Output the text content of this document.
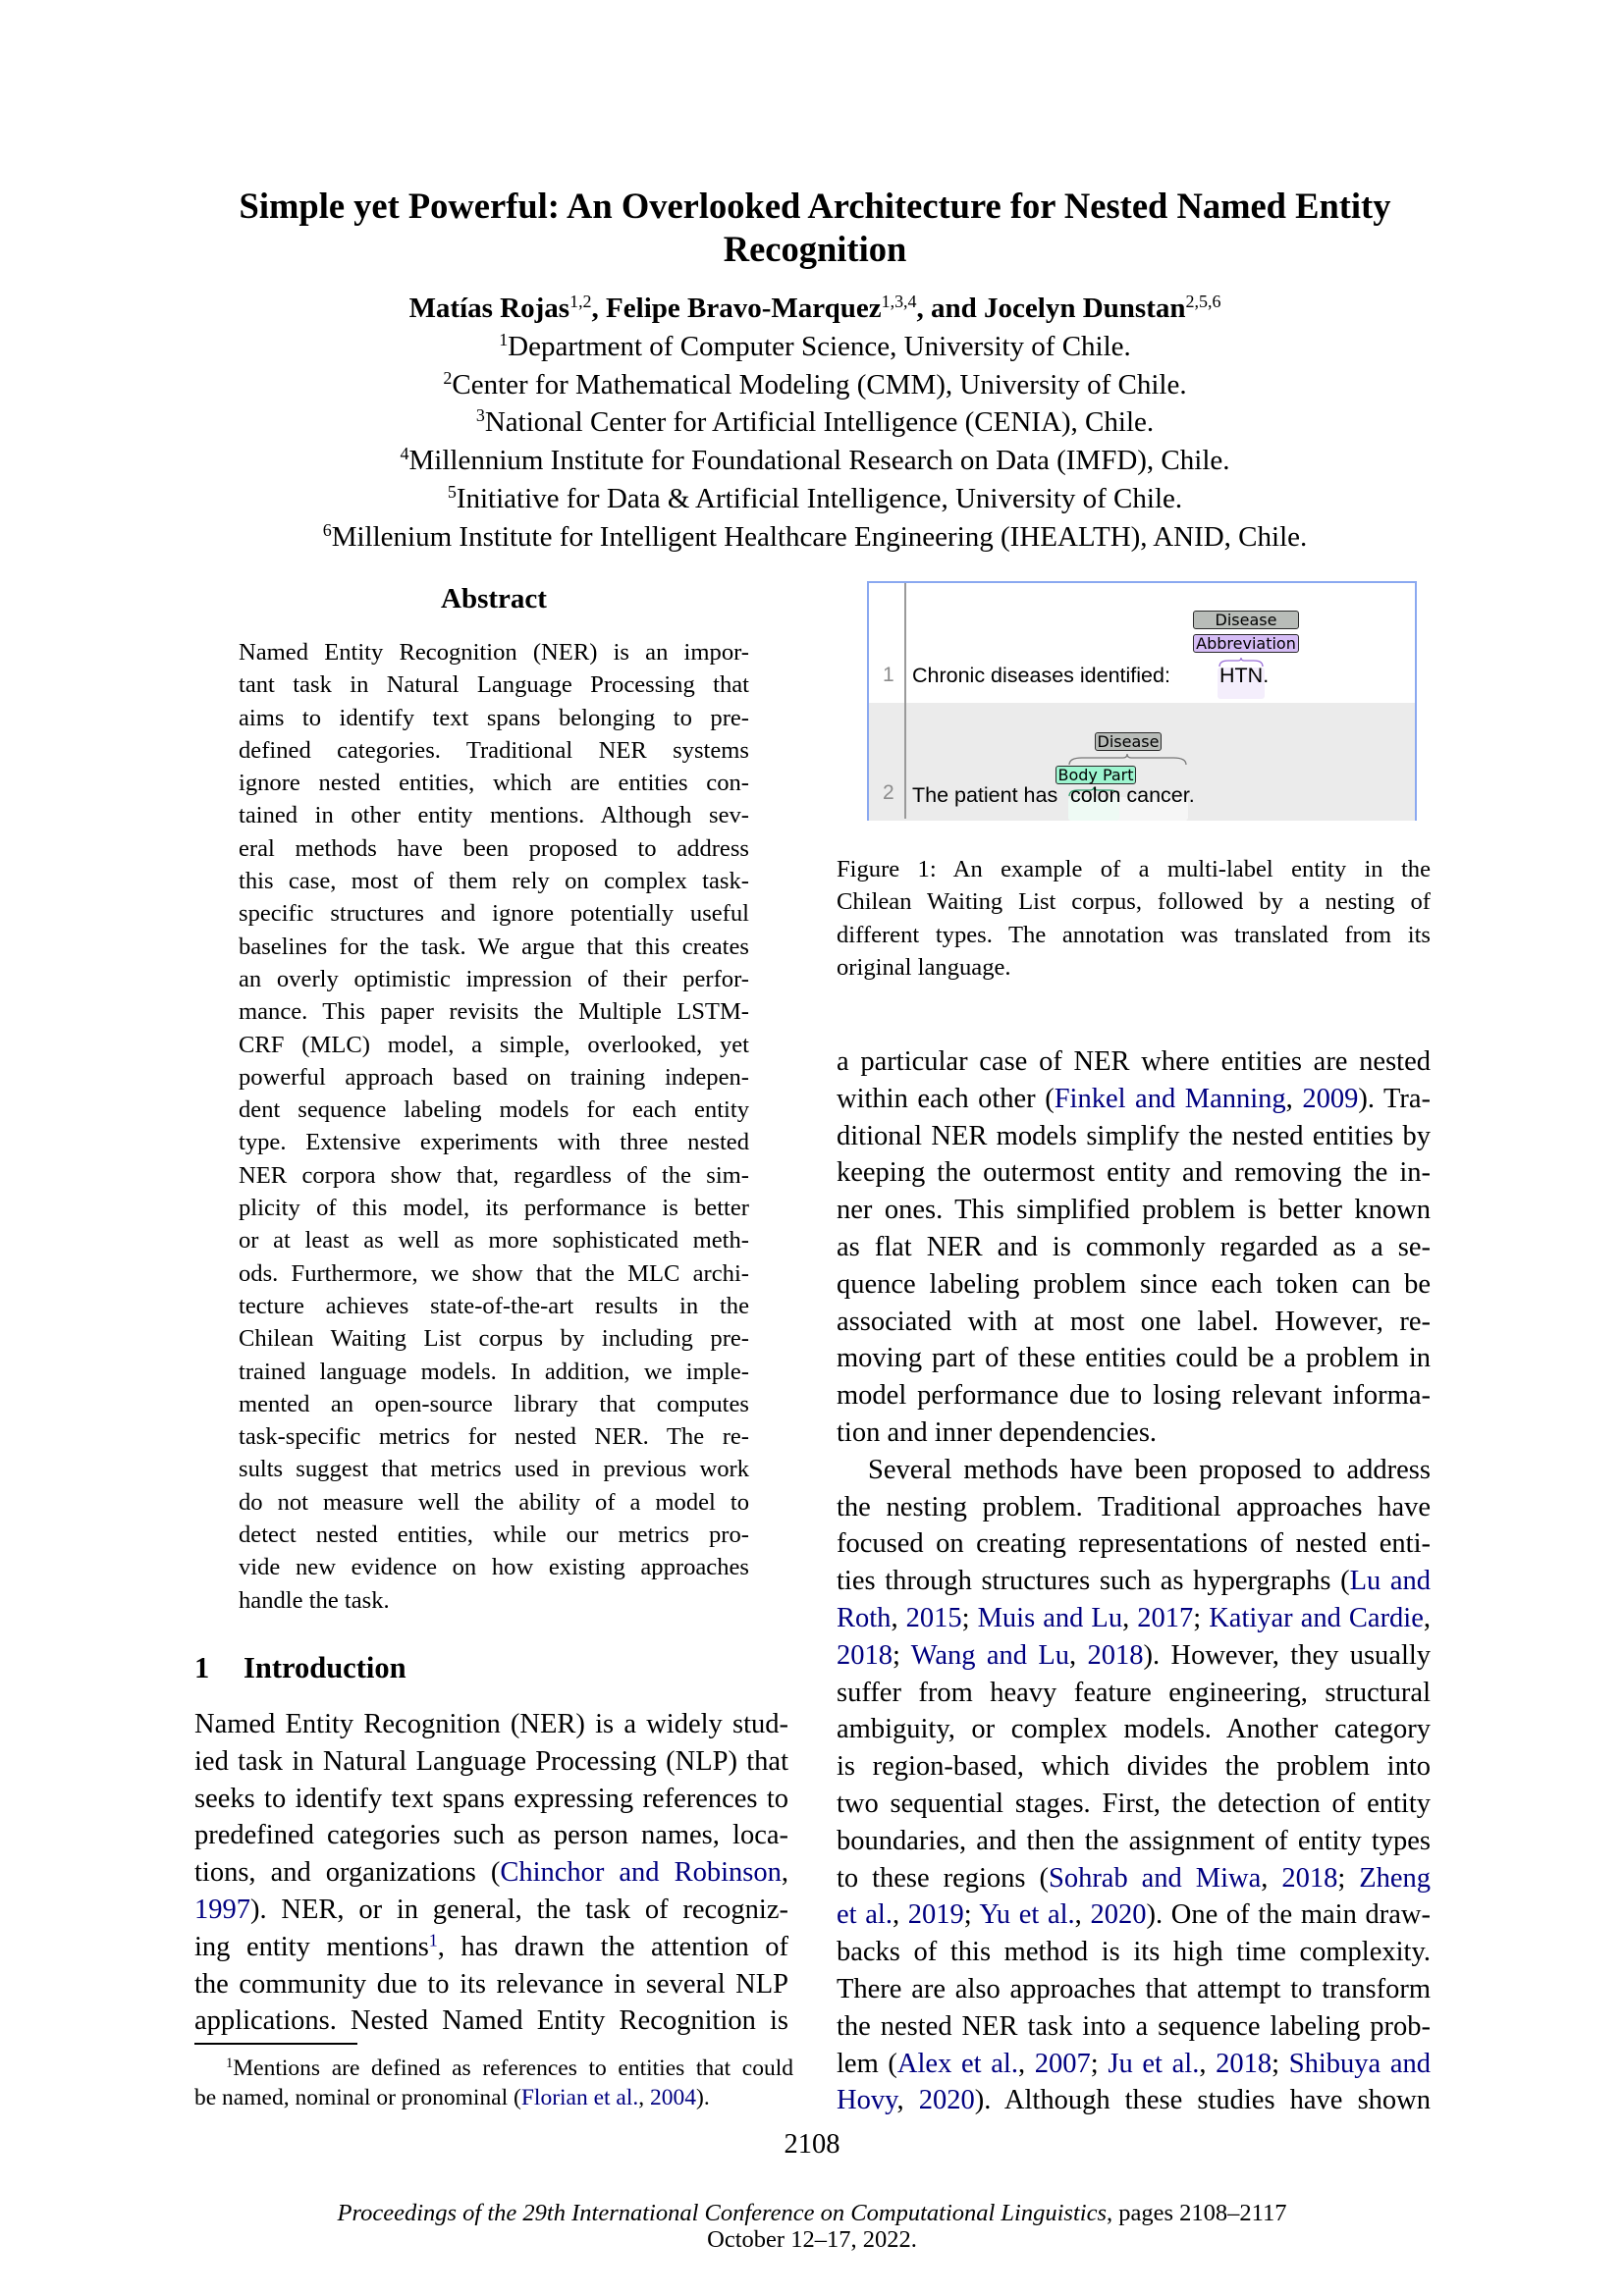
Simple yet Powerful: An Overlooked Architecture for Nested Named Entity
Recognition
Matías Rojas$^{1,2}$, Felipe Bravo-Marquez$^{1,3,4}$, and Jocelyn Dunstan$^{2,5,6}$
$^1$Department of Computer Science, University of Chile.
$^2$Center for Mathematical Modeling (CMM), University of Chile.
$^3$National Center for Artificial Intelligence (CENIA), Chile.
$^4$Millennium Institute for Foundational Research on Data (IMFD), Chile.
$^5$Initiative for Data & Artificial Intelligence, University of Chile.
$^6$Millenium Institute for Intelligent Healthcare Engineering (IHEALTH), ANID, Chile.
Abstract
Named Entity Recognition (NER) is an impor-
tant task in Natural Language Processing that
aims to identify text spans belonging to pre-
defined categories. Traditional NER systems
ignore nested entities, which are entities con-
tained in other entity mentions. Although sev-
eral methods have been proposed to address
this case, most of them rely on complex task-
specific structures and ignore potentially useful
baselines for the task. We argue that this creates
an overly optimistic impression of their perfor-
mance. This paper revisits the Multiple LSTM-
CRF (MLC) model, a simple, overlooked, yet
powerful approach based on training indepen-
dent sequence labeling models for each entity
type. Extensive experiments with three nested
NER corpora show that, regardless of the sim-
plicity of this model, its performance is better
or at least as well as more sophisticated meth-
ods. Furthermore, we show that the MLC archi-
tecture achieves state-of-the-art results in the
Chilean Waiting List corpus by including pre-
trained language models. In addition, we imple-
mented an open-source library that computes
task-specific metrics for nested NER. The re-
sults suggest that metrics used in previous work
do not measure well the ability of a model to
detect nested entities, while our metrics pro-
vide new evidence on how existing approaches
handle the task.
1 Introduction
Named Entity Recognition (NER) is a widely stud-
ied task in Natural Language Processing (NLP) that
seeks to identify text spans expressing references to
predefined categories such as person names, loca-
tions, and organizations (Chinchor and Robinson,
1997). NER, or in general, the task of recogniz-
ing entity mentions$^1$, has drawn the attention of
the community due to its relevance in several NLP
applications. Nested Named Entity Recognition is
$^1$Mentions are defined as references to entities that could
be named, nominal or pronominal (Florian et al., 2004).
1
Disease
Abbreviation
Chronic diseases identified: HTN.
2
Disease
Body Part
The patient has colon cancer.
Figure 1: An example of a multi-label entity in the
Chilean Waiting List corpus, followed by a nesting of
different types. The annotation was translated from its
original language.
a particular case of NER where entities are nested
within each other (Finkel and Manning, 2009). Tra-
ditional NER models simplify the nested entities by
keeping the outermost entity and removing the in-
ner ones. This simplified problem is better known
as flat NER and is commonly regarded as a se-
quence labeling problem since each token can be
associated with at most one label. However, re-
moving part of these entities could be a problem in
model performance due to losing relevant informa-
tion and inner dependencies.
Several methods have been proposed to address
the nesting problem. Traditional approaches have
focused on creating representations of nested enti-
ties through structures such as hypergraphs (Lu and
Roth, 2015; Muis and Lu, 2017; Katiyar and Cardie,
2018; Wang and Lu, 2018). However, they usually
suffer from heavy feature engineering, structural
ambiguity, or complex models. Another category
is region-based, which divides the problem into
two sequential stages. First, the detection of entity
boundaries, and then the assignment of entity types
to these regions (Sohrab and Miwa, 2018; Zheng
et al., 2019; Yu et al., 2020). One of the main draw-
backs of this method is its high time complexity.
There are also approaches that attempt to transform
the nested NER task into a sequence labeling prob-
lem (Alex et al., 2007; Ju et al., 2018; Shibuya and
Hovy, 2020). Although these studies have shown
2108
Proceedings of the 29th International Conference on Computational Linguistics, pages 2108–2117
October 12–17, 2022.
